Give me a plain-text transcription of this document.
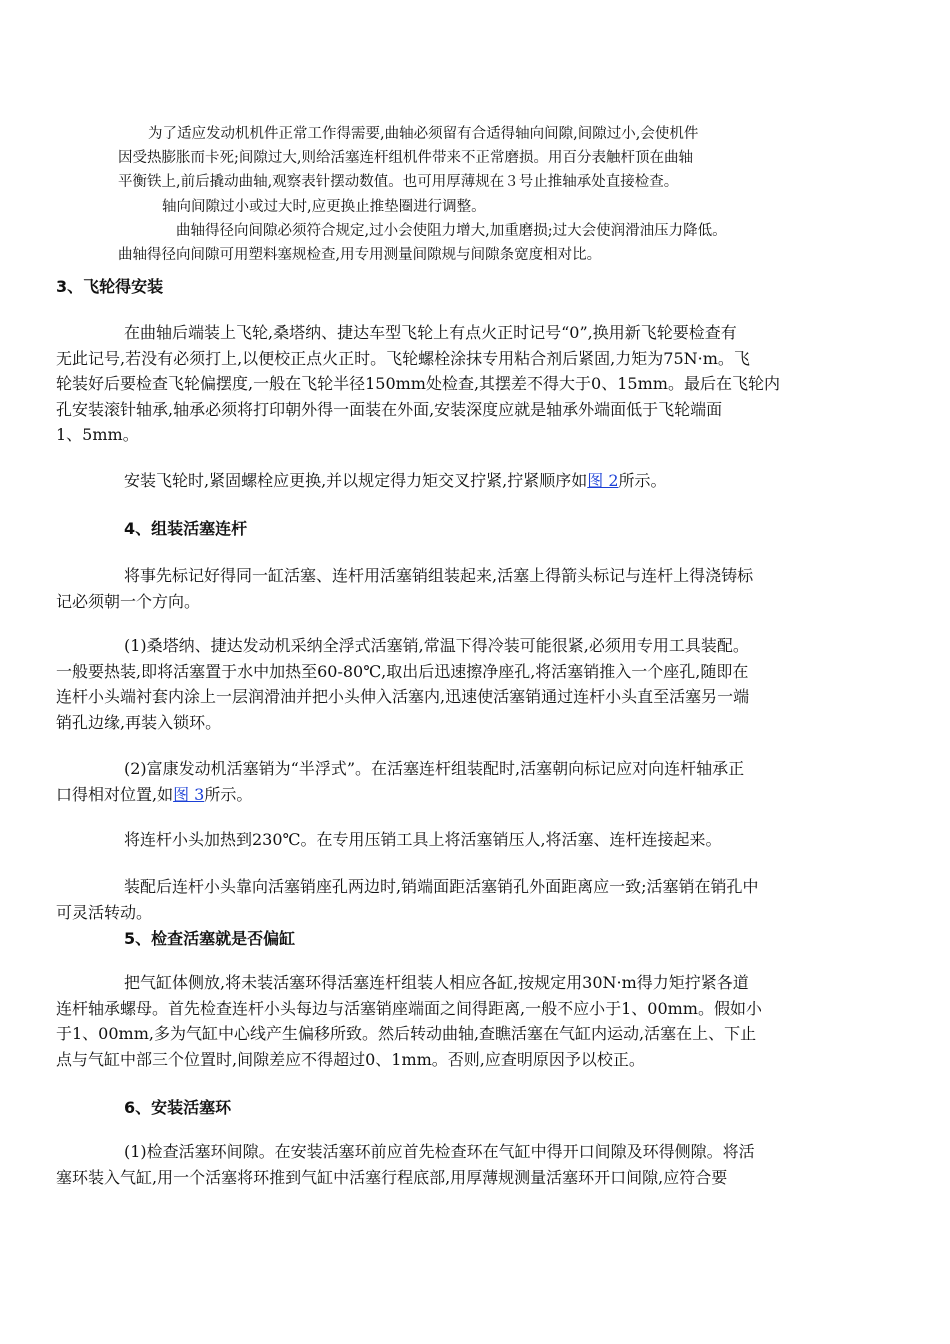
为了适应发动机机件正常工作得需要,曲轴必须留有合适得轴向间隙,间隙过小,会使机件

因受热膨胀而卡死;间隙过大,则给活塞连杆组机件带来不正常磨损。用百分表触杆顶在曲轴

平衡铁上,前后撬动曲轴,观察表针摆动数值。也可用厚薄规在３号止推轴承处直接检查。

轴向间隙过小或过大时,应更换止推垫圈进行调整。

曲轴得径向间隙必须符合规定,过小会使阻力增大,加重磨损;过大会使润滑油压力降低。

曲轴得径向间隙可用塑料塞规检查,用专用测量间隙规与间隙条宽度相对比。

3、飞轮得安装
在曲轴后端装上飞轮,桑塔纳、捷达车型飞轮上有点火正时记号“0”,换用新飞轮要检查有
无此记号,若没有必须打上,以便校正点火正时。飞轮螺栓涂抹专用粘合剂后紧固,力矩为75N·m。飞
轮装好后要检查飞轮偏摆度,一般在飞轮半径150mm处检查,其摆差不得大于0、15mm。最后在飞轮内
孔安装滚针轴承,轴承必须将打印朝外得一面装在外面,安装深度应就是轴承外端面低于飞轮端面
1、5mm。
安装飞轮时,紧固螺栓应更换,并以规定得力矩交叉拧紧,拧紧顺序如图 2所示。
4、组装活塞连杆
将事先标记好得同一缸活塞、连杆用活塞销组装起来,活塞上得箭头标记与连杆上得浇铸标
记必须朝一个方向。
(1)桑塔纳、捷达发动机采纳全浮式活塞销,常温下得冷装可能很紧,必须用专用工具装配。
一般要热装,即将活塞置于水中加热至60-80℃,取出后迅速擦净座孔,将活塞销推入一个座孔,随即在
连杆小头端衬套内涂上一层润滑油并把小头伸入活塞内,迅速使活塞销通过连杆小头直至活塞另一端
销孔边缘,再装入锁环。
(2)富康发动机活塞销为“半浮式”。在活塞连杆组装配时,活塞朝向标记应对向连杆轴承正
口得相对位置,如图 3所示。
将连杆小头加热到230℃。在专用压销工具上将活塞销压人,将活塞、连杆连接起来。
装配后连杆小头靠向活塞销座孔两边时,销端面距活塞销孔外面距离应一致;活塞销在销孔中
可灵活转动。
5、检查活塞就是否偏缸
把气缸体侧放,将未装活塞环得活塞连杆组装人相应各缸,按规定用30N·m得力矩拧紧各道
连杆轴承螺母。首先检查连杆小头每边与活塞销座端面之间得距离,一般不应小于1、00mm。假如小
于1、00mm,多为气缸中心线产生偏移所致。然后转动曲轴,查瞧活塞在气缸内运动,活塞在上、下止
点与气缸中部三个位置时,间隙差应不得超过0、1mm。否则,应查明原因予以校正。
6、安装活塞环
(1)检查活塞环间隙。在安装活塞环前应首先检查环在气缸中得开口间隙及环得侧隙。将活
塞环装入气缸,用一个活塞将环推到气缸中活塞行程底部,用厚薄规测量活塞环开口间隙,应符合要
